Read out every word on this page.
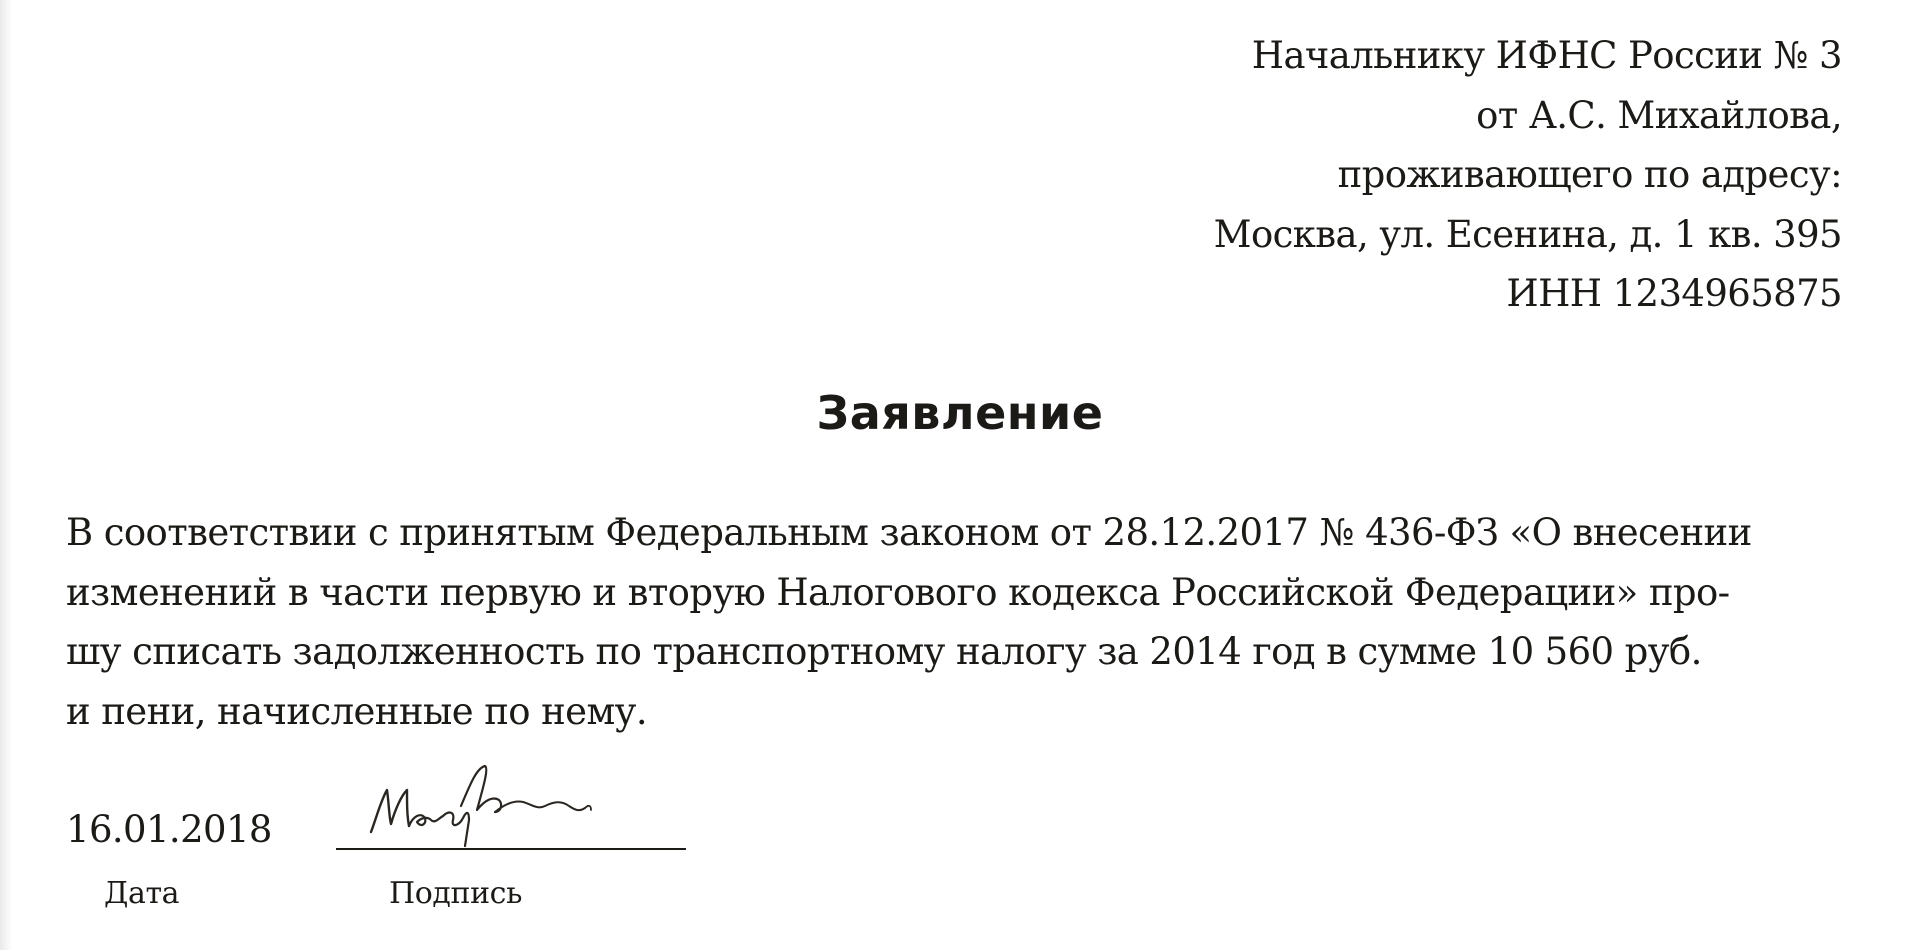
Начальнику ИФНС России № 3
от А.С. Михайлова,
проживающего по адресу:
Москва, ул. Есенина, д. 1 кв. 395
ИНН 1234965875
Заявление
В соответствии с принятым Федеральным законом от 28.12.2017 № 436-ФЗ «О внесении
изменений в части первую и вторую Налогового кодекса Российской Федерации» про-
шу списать задолженность по транспортному налогу за 2014 год в сумме 10 560 руб.
и пени, начисленные по нему.
16.01.2018
Дата	Подпись
